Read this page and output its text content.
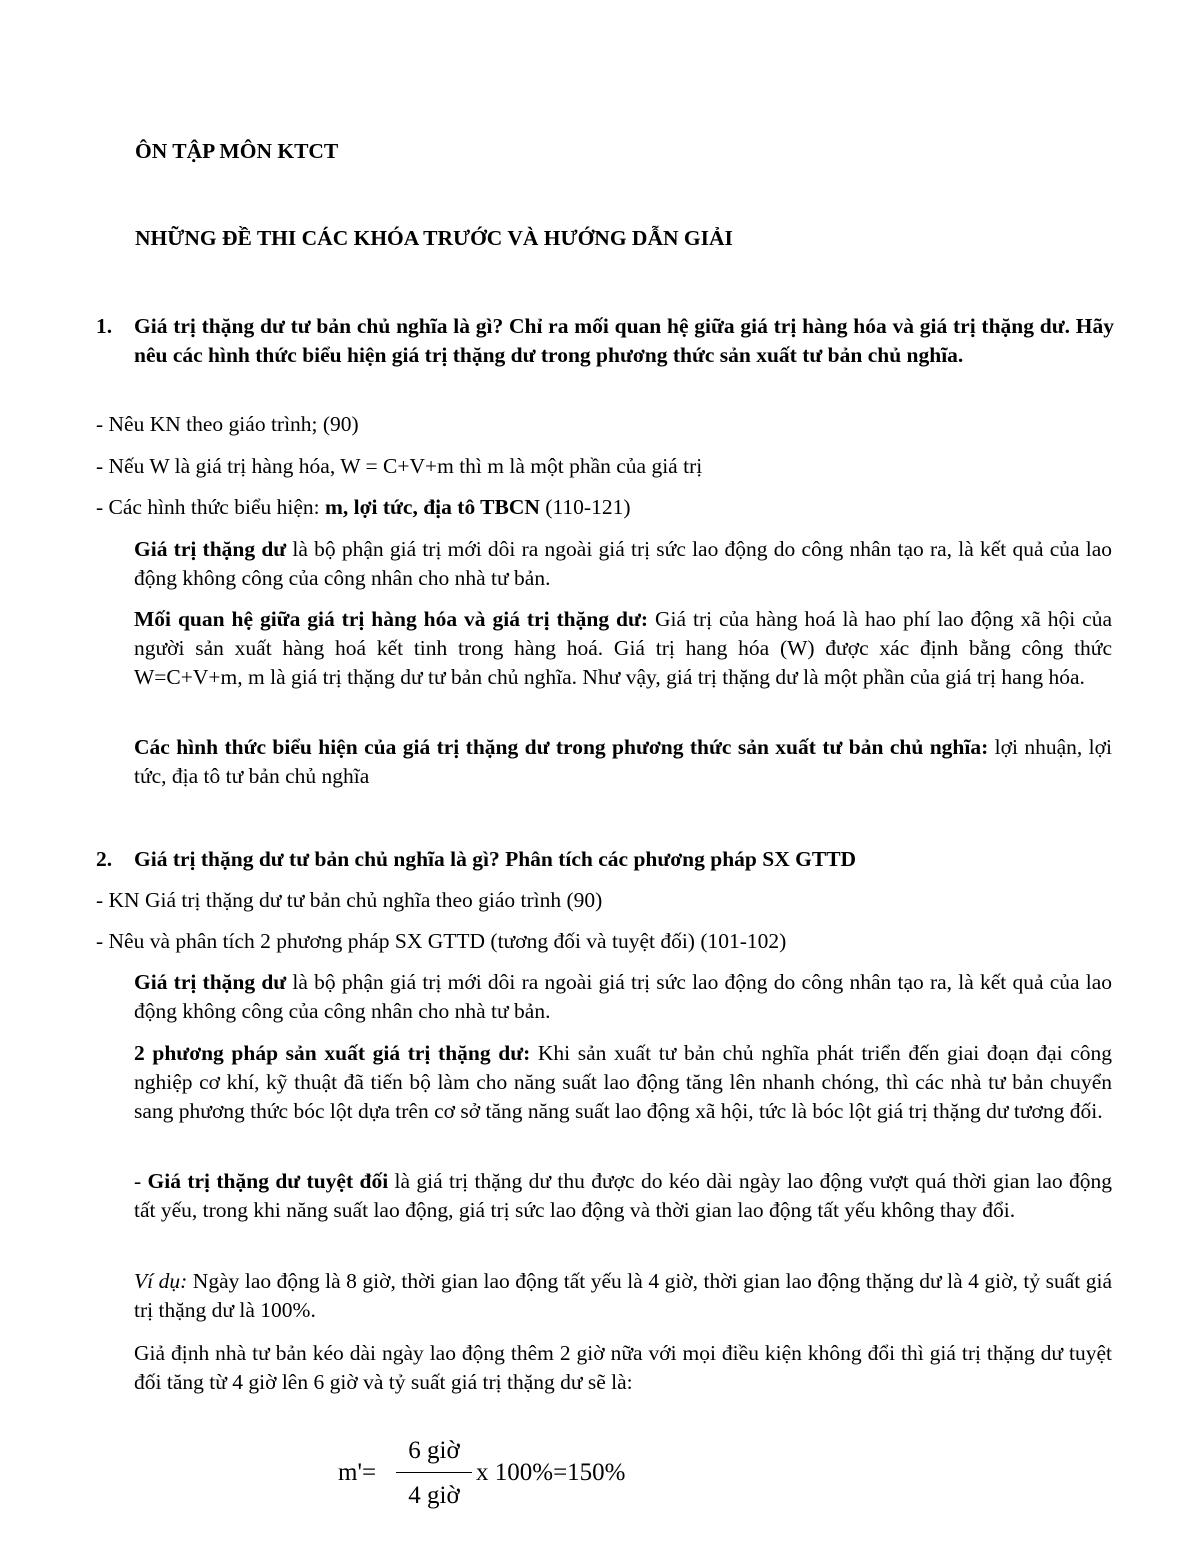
ÔN TẬP MÔN KTCT
NHỮNG ĐỀ THI CÁC KHÓA TRƯỚC VÀ HƯỚNG DẪN GIẢI
1. Giá trị thặng dư tư bản chủ nghĩa là gì? Chỉ ra mối quan hệ giữa giá trị hàng hóa và giá trị thặng dư. Hãy nêu các hình thức biểu hiện giá trị thặng dư trong phương thức sản xuất tư bản chủ nghĩa.
- Nêu KN theo giáo trình; (90)
- Nếu W là giá trị hàng hóa, W = C+V+m thì m là một phần của giá trị
- Các hình thức biểu hiện: m, lợi tức, địa tô TBCN (110-121)
Giá trị thặng dư là bộ phận giá trị mới dôi ra ngoài giá trị sức lao động do công nhân tạo ra, là kết quả của lao động không công của công nhân cho nhà tư bản.
Mối quan hệ giữa giá trị hàng hóa và giá trị thặng dư: Giá trị của hàng hoá là hao phí lao động xã hội của người sản xuất hàng hoá kết tinh trong hàng hoá. Giá trị hang hóa (W) được xác định bằng công thức W=C+V+m, m là giá trị thặng dư tư bản chủ nghĩa. Như vậy, giá trị thặng dư là một phần của giá trị hang hóa.
Các hình thức biểu hiện của giá trị thặng dư trong phương thức sản xuất tư bản chủ nghĩa: lợi nhuận, lợi tức, địa tô tư bản chủ nghĩa
2. Giá trị thặng dư tư bản chủ nghĩa là gì? Phân tích các phương pháp SX GTTD
- KN Giá trị thặng dư tư bản chủ nghĩa theo giáo trình (90)
- Nêu và phân tích 2 phương pháp SX GTTD (tương đối và tuyệt đối) (101-102)
Giá trị thặng dư là bộ phận giá trị mới dôi ra ngoài giá trị sức lao động do công nhân tạo ra, là kết quả của lao động không công của công nhân cho nhà tư bản.
2 phương pháp sản xuất giá trị thặng dư: Khi sản xuất tư bản chủ nghĩa phát triển đến giai đoạn đại công nghiệp cơ khí, kỹ thuật đã tiến bộ làm cho năng suất lao động tăng lên nhanh chóng, thì các nhà tư bản chuyển sang phương thức bóc lột dựa trên cơ sở tăng năng suất lao động xã hội, tức là bóc lột giá trị thặng dư tương đối.
- Giá trị thặng dư tuyệt đối là giá trị thặng dư thu được do kéo dài ngày lao động vượt quá thời gian lao động tất yếu, trong khi năng suất lao động, giá trị sức lao động và thời gian lao động tất yếu không thay đổi.
Ví dụ: Ngày lao động là 8 giờ, thời gian lao động tất yếu là 4 giờ, thời gian lao động thặng dư là 4 giờ, tỷ suất giá trị thặng dư là 100%.
Giả định nhà tư bản kéo dài ngày lao động thêm 2 giờ nữa với mọi điều kiện không đổi thì giá trị thặng dư tuyệt đối tăng từ 4 giờ lên 6 giờ và tỷ suất giá trị thặng dư sẽ là:
m'=
6 giờ
4 giờ
x 100%=150%
